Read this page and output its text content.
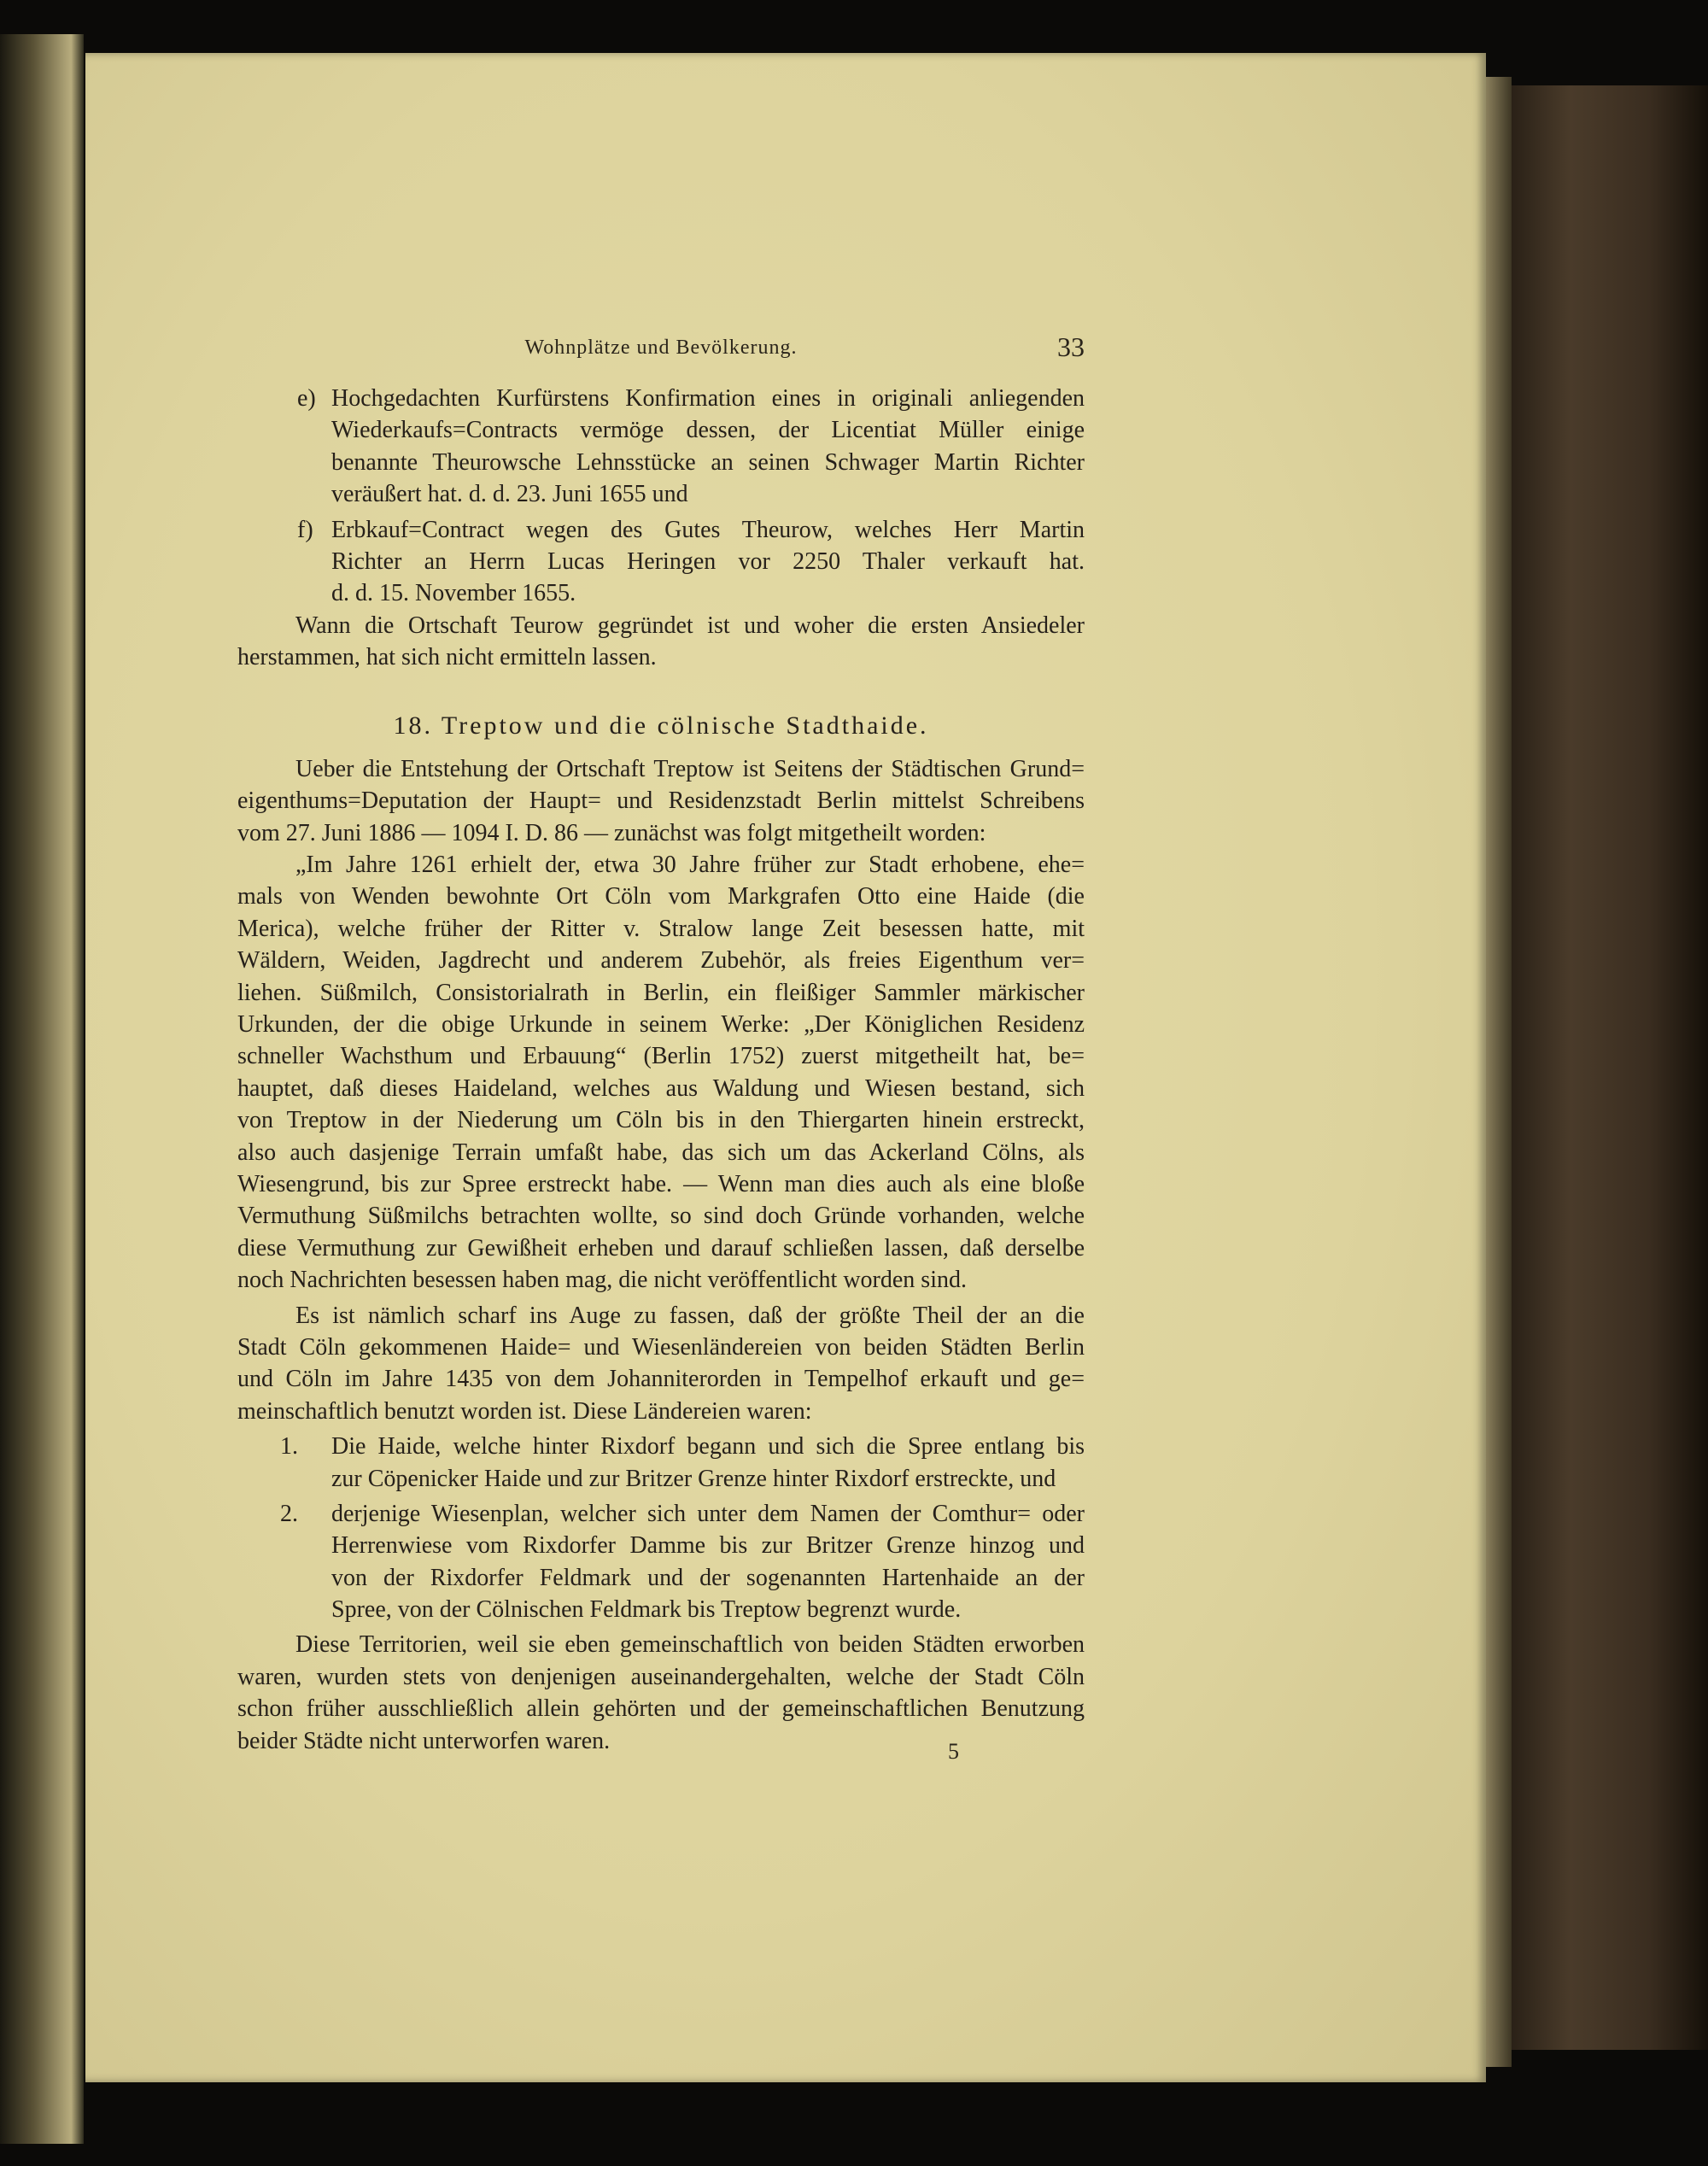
Wohnplätze und Bevölkerung.	33
e) Hochgedachten Kurfürstens Konfirmation eines in originali anliegenden
Wiederkaufs=Contracts vermöge dessen, der Licentiat Müller einige
benannte Theurowsche Lehnsstücke an seinen Schwager Martin Richter
veräußert hat. d. d. 23. Juni 1655 und
f) Erbkauf=Contract wegen des Gutes Theurow, welches Herr Martin
Richter an Herrn Lucas Heringen vor 2250 Thaler verkauft hat.
d. d. 15. November 1655.
Wann die Ortschaft Teurow gegründet ist und woher die ersten Ansiedeler
herstammen, hat sich nicht ermitteln lassen.
18. Treptow und die cölnische Stadthaide.
Ueber die Entstehung der Ortschaft Treptow ist Seitens der Städtischen Grund=
eigenthums=Deputation der Haupt= und Residenzstadt Berlin mittelst Schreibens
vom 27. Juni 1886 — 1094 I. D. 86 — zunächst was folgt mitgetheilt worden:
„Im Jahre 1261 erhielt der, etwa 30 Jahre früher zur Stadt erhobene, ehe=
mals von Wenden bewohnte Ort Cöln vom Markgrafen Otto eine Haide (die
Merica), welche früher der Ritter v. Stralow lange Zeit besessen hatte, mit
Wäldern, Weiden, Jagdrecht und anderem Zubehör, als freies Eigenthum ver=
liehen. Süßmilch, Consistorialrath in Berlin, ein fleißiger Sammler märkischer
Urkunden, der die obige Urkunde in seinem Werke: „Der Königlichen Residenz
schneller Wachsthum und Erbauung“ (Berlin 1752) zuerst mitgetheilt hat, be=
hauptet, daß dieses Haideland, welches aus Waldung und Wiesen bestand, sich
von Treptow in der Niederung um Cöln bis in den Thiergarten hinein erstreckt,
also auch dasjenige Terrain umfaßt habe, das sich um das Ackerland Cölns, als
Wiesengrund, bis zur Spree erstreckt habe. — Wenn man dies auch als eine bloße
Vermuthung Süßmilchs betrachten wollte, so sind doch Gründe vorhanden, welche
diese Vermuthung zur Gewißheit erheben und darauf schließen lassen, daß derselbe
noch Nachrichten besessen haben mag, die nicht veröffentlicht worden sind.
Es ist nämlich scharf ins Auge zu fassen, daß der größte Theil der an die
Stadt Cöln gekommenen Haide= und Wiesenländereien von beiden Städten Berlin
und Cöln im Jahre 1435 von dem Johanniterorden in Tempelhof erkauft und ge=
meinschaftlich benutzt worden ist. Diese Ländereien waren:
1. Die Haide, welche hinter Rixdorf begann und sich die Spree entlang bis
zur Cöpenicker Haide und zur Britzer Grenze hinter Rixdorf erstreckte, und
2. derjenige Wiesenplan, welcher sich unter dem Namen der Comthur= oder
Herrenwiese vom Rixdorfer Damme bis zur Britzer Grenze hinzog und
von der Rixdorfer Feldmark und der sogenannten Hartenhaide an der
Spree, von der Cölnischen Feldmark bis Treptow begrenzt wurde.
Diese Territorien, weil sie eben gemeinschaftlich von beiden Städten erworben
waren, wurden stets von denjenigen auseinandergehalten, welche der Stadt Cöln
schon früher ausschließlich allein gehörten und der gemeinschaftlichen Benutzung
beider Städte nicht unterworfen waren.	5
